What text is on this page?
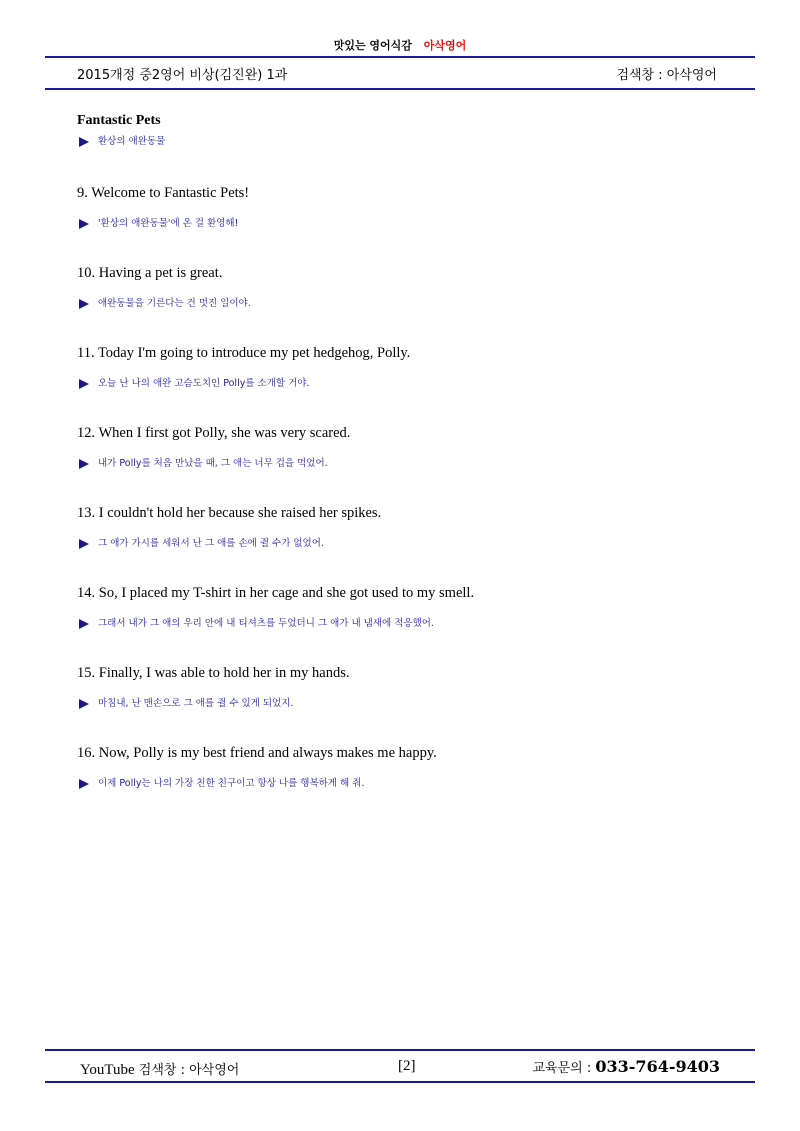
맛있는 영어식감 아삭영어
2015개정 중2영어 비상(김진완) 1과	검색창 : 아삭영어

Fantastic Pets

환상의 애완동물

9. Welcome to Fantastic Pets!

'환상의 애완동물'에 온 걸 환영해!

10. Having a pet is great.

애완동물을 기른다는 건 멋진 일이야.

11. Today I'm going to introduce my pet hedgehog, Polly.

오늘 난 나의 애완 고슴도치인 Polly를 소개할 거야.

12. When I first got Polly, she was very scared.

내가 Polly를 처음 만났을 때, 그 애는 너무 겁을 먹었어.

13. I couldn't hold her because she raised her spikes.

그 애가 가시를 세워서 난 그 애를 손에 쥘 수가 없었어.

14. So, I placed my T-shirt in her cage and she got used to my smell.

그래서 내가 그 애의 우리 안에 내 티셔츠를 두었더니 그 애가 내 냄새에 적응했어.

15. Finally, I was able to hold her in my hands.

마침내, 난 맨손으로 그 애를 쥘 수 있게 되었지.

16. Now, Polly is my best friend and always makes me happy.

이제 Polly는 나의 가장 친한 친구이고 항상 나를 행복하게 해 줘.

YouTube 검색창 : 아삭영어	[2]	교육문의 : 033-764-9403
